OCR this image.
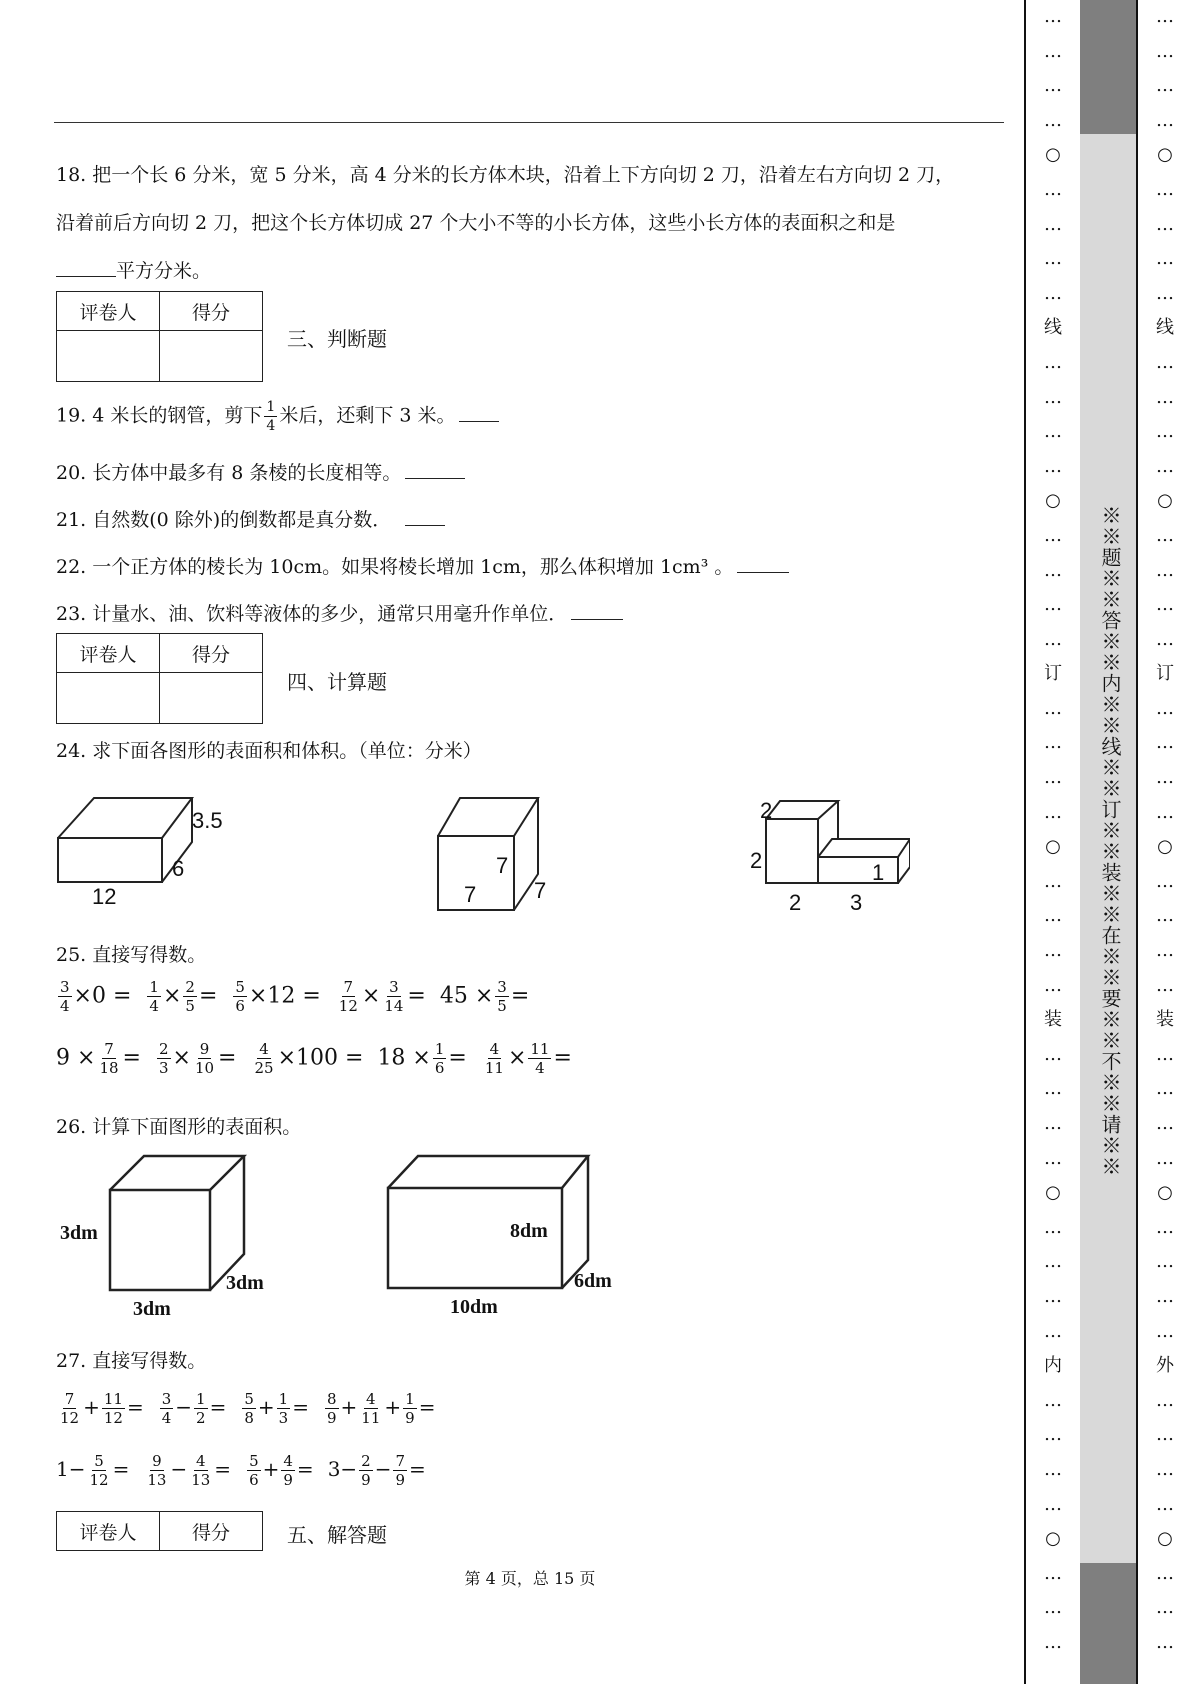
18. 把一个长 6 分米，宽 5 分米，高 4 分米的长方体木块，沿着上下方向切 2 刀，沿着左右方向切 2 刀，
沿着前后方向切 2 刀，把这个长方体切成 27 个大小不等的小长方体，这些小长方体的表面积之和是
平方分米。
评卷人	得分

三、判断题
19. 4 米长的钢管，剪下 $\frac{1}{4}$ 米后，还剩下 3 米。
20. 长方体中最多有 8 条棱的长度相等。
21. 自然数(0 除外)的倒数都是真分数．
22. 一个正方体的棱长为 10cm。如果将棱长增加 1cm，那么体积增加 1cm³ 。
23. 计量水、油、饮料等液体的多少，通常只用毫升作单位．
评卷人	得分

四、计算题
24. 求下面各图形的表面积和体积。（单位：分米）
3.5
6
12
7
7	7
2
2	1
2 3
25. 直接写得数。
$\frac{3}{4} \times 0 = \frac{1}{4} \times \frac{2}{5} = \frac{5}{6} \times 12 = \frac{7}{12} \times \frac{3}{14} = 45 \times \frac{3}{5}$ =
$9 \times \frac{7}{18} = \frac{2}{3} \times \frac{9}{10} = \frac{4}{25} \times 100 = 18 \times \frac{1}{6} = \frac{4}{11} \times \frac{11}{4}$ =
26. 计算下面图形的表面积。
3dm
3dm
3dm
8dm
6dm
10dm
27. 直接写得数。
$\frac{7}{12} + \frac{11}{12} = \frac{3}{4} - \frac{1}{2} = \frac{5}{8} + \frac{1}{3} = \frac{8}{9} + \frac{4}{11} + \frac{1}{9}$ =
$1- \frac{5}{12} = \frac{9}{13} - \frac{4}{13} = \frac{5}{6} + \frac{4}{9} = 3- \frac{2}{9} - \frac{7}{9}$ =
评卷人	得分	五、解答题
第 4 页，总 15 页
…
…
…
…
○
…
…
…
…
线
…
…
…
…
○
…
…
…
…
订
…
…
…
…
○
…
…
…
…
装
…
…
…
…
○
…
…
…
…
内
…
…
…
…
○
…
…
…
※※题※※答※※内※※线※※订※※装※※在※※要※※不※※请※※
…
…
…
…
○
…
…
…
…
线
…
…
…
…
○
…
…
…
…
订
…
…
…
…
○
…
…
…
…
装
…
…
…
…
○
…
…
…
…
外
…
…
…
…
○
…
…
…
